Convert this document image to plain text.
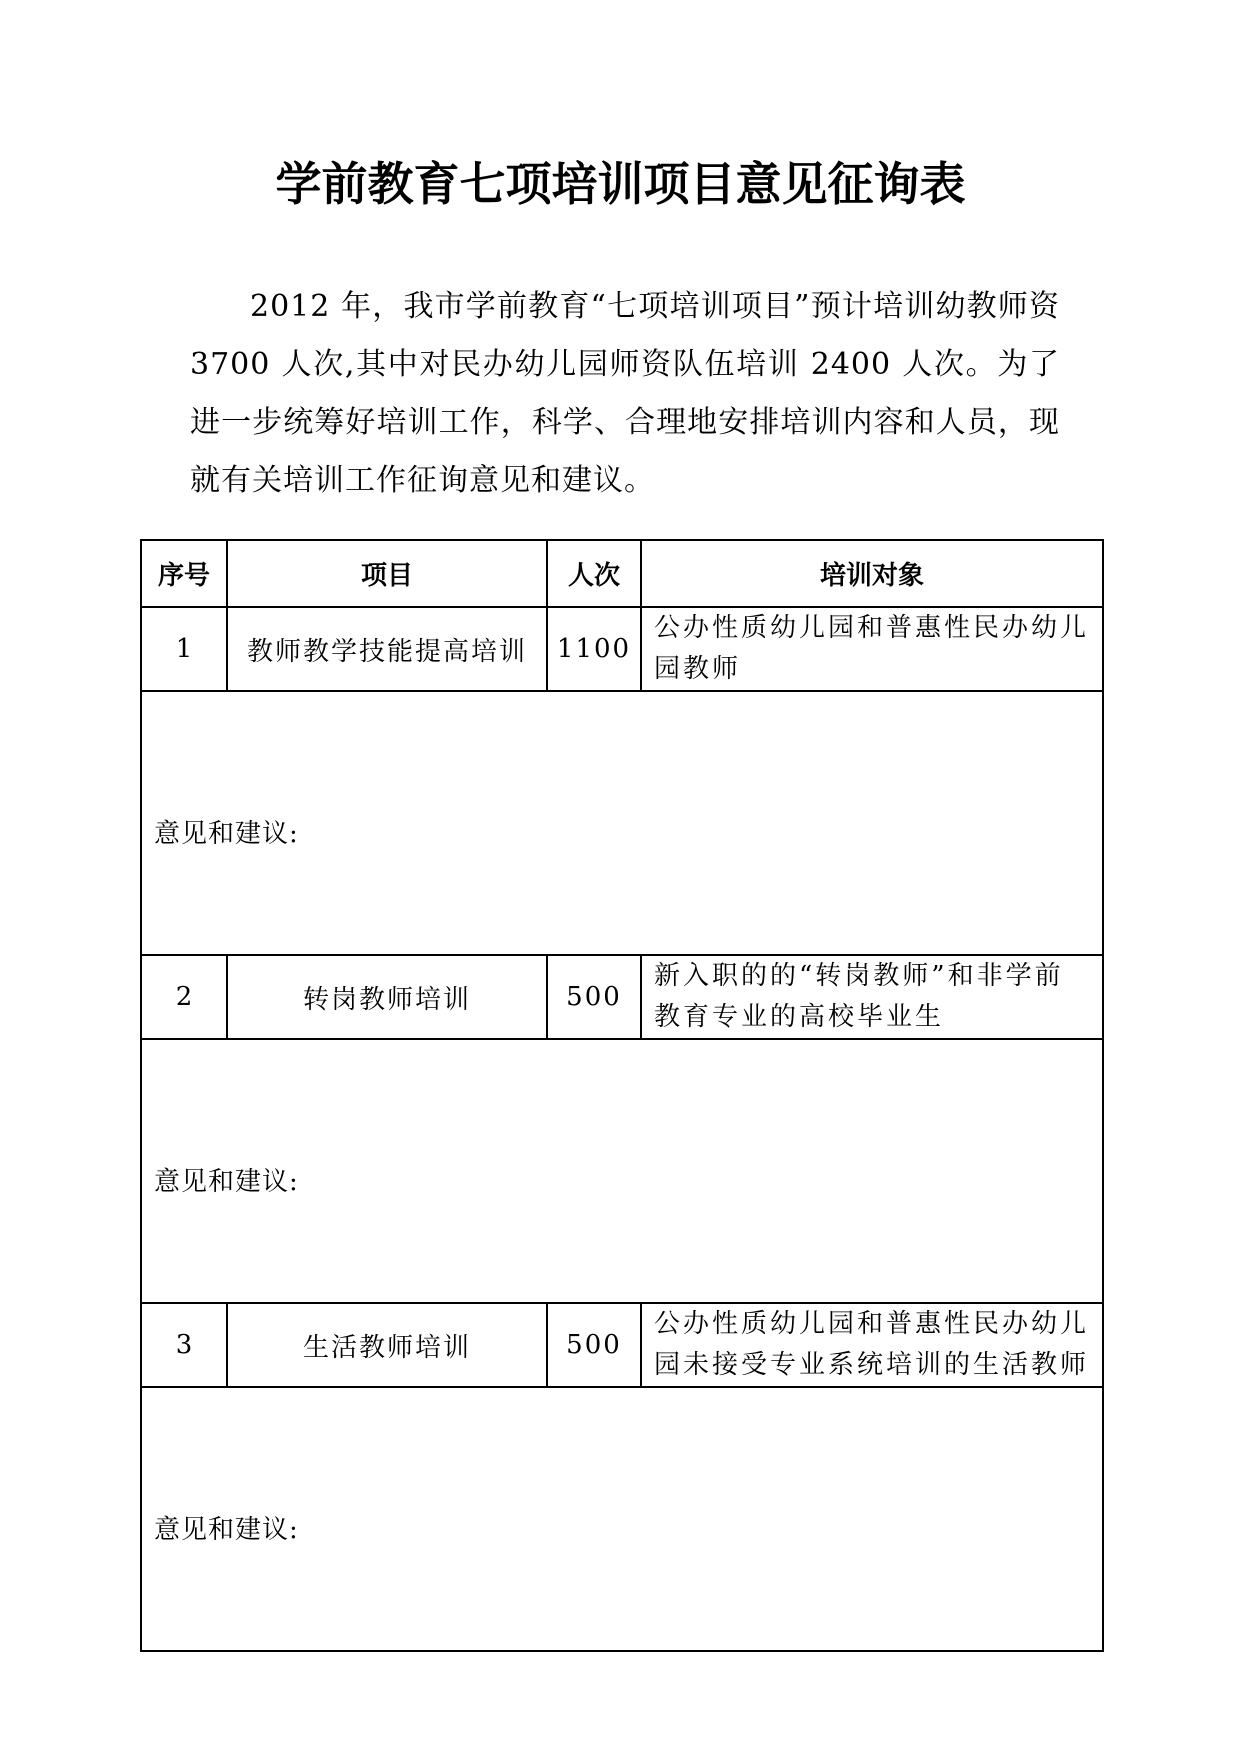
学前教育七项培训项目意见征询表

2012 年，我市学前教育“七项培训项目”预计培训幼教师资 3700 人次,其中对民办幼儿园师资队伍培训 2400 人次。为了进一步统筹好培训工作，科学、合理地安排培训内容和人员，现就有关培训工作征询意见和建议。

序号	项目	人次	培训对象
1	教师教学技能提高培训	1100	公办性质幼儿园和普惠性民办幼儿园教师
意见和建议:			
2	转岗教师培训	500	新入职的的“转岗教师”和非学前教育专业的高校毕业生
意见和建议:			
3	生活教师培训	500	公办性质幼儿园和普惠性民办幼儿园未接受专业系统培训的生活教师
意见和建议:			
